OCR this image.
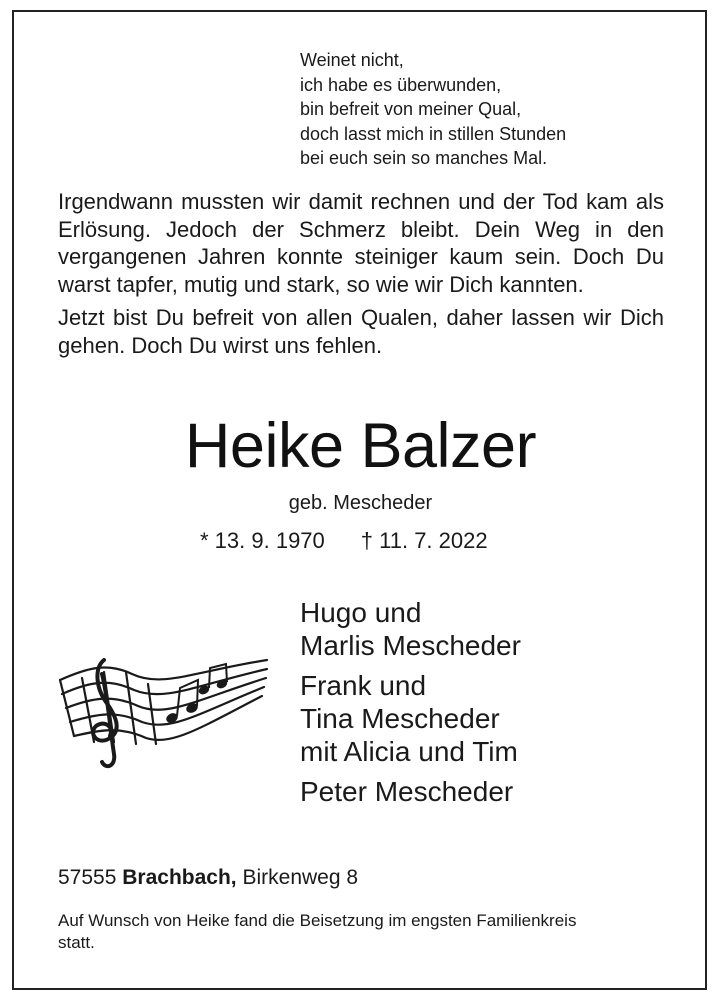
Weinet nicht,
ich habe es überwunden,
bin befreit von meiner Qual,
doch lasst mich in stillen Stunden
bei euch sein so manches Mal.

Irgendwann mussten wir damit rechnen und der Tod kam als Erlösung. Jedoch der Schmerz bleibt. Dein Weg in den vergangenen Jahren konnte steiniger kaum sein. Doch Du warst tapfer, mutig und stark, so wie wir Dich kannten.

Jetzt bist Du befreit von allen Qualen, daher lassen wir Dich gehen. Doch Du wirst uns fehlen.

Heike Balzer
geb. Mescheder
* 13. 9. 1970 † 11. 7. 2022
Hugo und
Marlis Mescheder
Frank und
Tina Mescheder
mit Alicia und Tim
Peter Mescheder
57555 Brachbach, Birkenweg 8
Auf Wunsch von Heike fand die Beisetzung im engsten Familienkreis statt.
